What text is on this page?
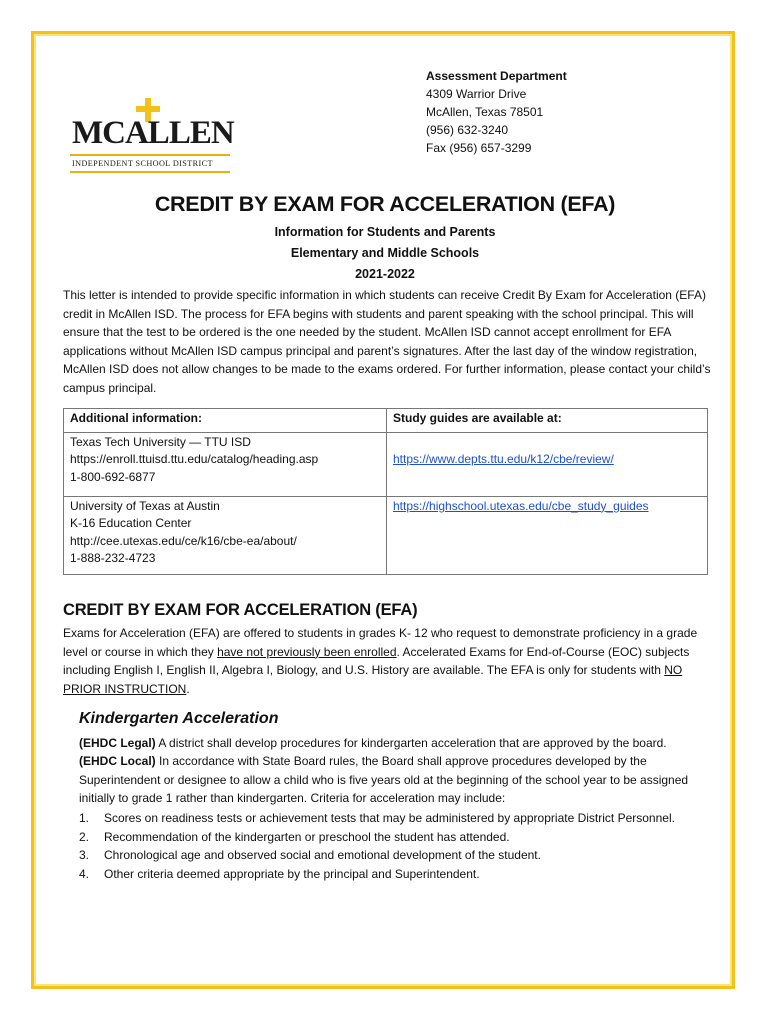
MCALLEN
INDEPENDENT SCHOOL DISTRICT
Assessment Department
4309 Warrior Drive
McAllen, Texas 78501
(956) 632-3240
Fax (956) 657-3299
CREDIT BY EXAM FOR ACCELERATION (EFA)
Information for Students and Parents
Elementary and Middle Schools
2021-2022
This letter is intended to provide specific information in which students can receive Credit By Exam for Acceleration (EFA) credit in McAllen ISD. The process for EFA begins with students and parent speaking with the school principal. This will ensure that the test to be ordered is the one needed by the student. McAllen ISD cannot accept enrollment for EFA applications without McAllen ISD campus principal and parent’s signatures. After the last day of the window registration, McAllen ISD does not allow changes to be made to the exams ordered. For further information, please contact your child’s campus principal.
Additional information:	Study guides are available at:

Texas Tech University — TTU ISD
https://enroll.ttuisd.ttu.edu/catalog/heading.asp
1-800-692-6877	https://www.depts.ttu.edu/k12/cbe/review/

University of Texas at Austin
K-16 Education Center
http://cee.utexas.edu/ce/k16/cbe-ea/about/
1-888-232-4723	https://highschool.utexas.edu/cbe_study_guides
CREDIT BY EXAM FOR ACCELERATION (EFA)
Exams for Acceleration (EFA) are offered to students in grades K- 12 who request to demonstrate proficiency in a grade level or course in which they have not previously been enrolled. Accelerated Exams for End-of-Course (EOC) subjects including English I, English II, Algebra I, Biology, and U.S. History are available. The EFA is only for students with NO PRIOR INSTRUCTION.
Kindergarten Acceleration
(EHDC Legal) A district shall develop procedures for kindergarten acceleration that are approved by the board.
(EHDC Local) In accordance with State Board rules, the Board shall approve procedures developed by the Superintendent or designee to allow a child who is five years old at the beginning of the school year to be assigned initially to grade 1 rather than kindergarten. Criteria for acceleration may include:
1. Scores on readiness tests or achievement tests that may be administered by appropriate District Personnel.
2. Recommendation of the kindergarten or preschool the student has attended.
3. Chronological age and observed social and emotional development of the student.
4. Other criteria deemed appropriate by the principal and Superintendent.
